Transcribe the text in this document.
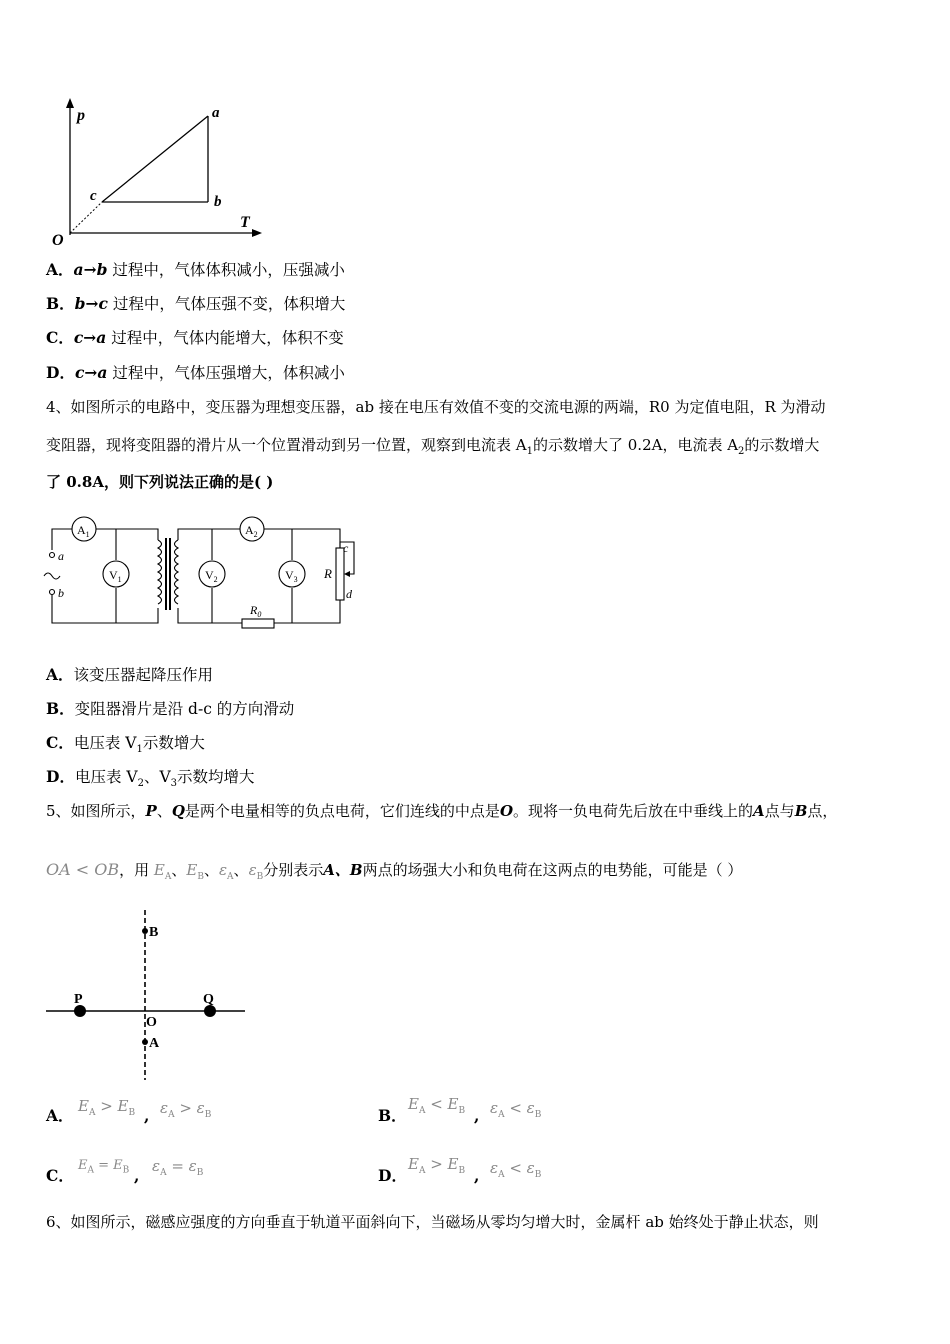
p
T
O
a
b
c
A．a→b 过程中，气体体积减小，压强减小
B．b→c 过程中，气体压强不变，体积增大
C．c→a 过程中，气体内能增大，体积不变
D．c→a 过程中，气体压强增大，体积减小
4、如图所示的电路中，变压器为理想变压器，ab 接在电压有效值不变的交流电源的两端，R0 为定值电阻，R 为滑动
变阻器，现将变阻器的滑片从一个位置滑动到另一位置，观察到电流表 $A_1$的示数增大了 0.2A，电流表 $A_2$的示数增大
了 0.8A，则下列说法正确的是( )
$A_1$	$A_2$
$V_1$	$V_2$	$V_3$ R
$R_0$
a
b
c
d
A．该变压器起降压作用
B．变阻器滑片是沿 d-c 的方向滑动
C．电压表 $V_1$示数增大
D．电压表 $V_2$、$V_3$示数均增大
5、如图所示，P、Q是两个电量相等的负点电荷，它们连线的中点是O。现将一负电荷先后放在中垂线上的A点与B点，
OA < OB，用 $E_A$、$E_B$、$\varepsilon_A$、$\varepsilon_B$分别表示A、B两点的场强大小和负电荷在这两点的电势能，可能是（ ）
P	Q
O
A
B
A． $E_A > E_B$ , $\varepsilon_A > \varepsilon_B$	B．
$E_A < E_B$ , $\varepsilon_A < \varepsilon_B$
C．
$E_A = E_B$ , $\varepsilon_A = \varepsilon_B$	D．
$E_A > E_B$ , $\varepsilon_A < \varepsilon_B$
6、如图所示，磁感应强度的方向垂直于轨道平面斜向下，当磁场从零均匀增大时，金属杆 ab 始终处于静止状态，则
